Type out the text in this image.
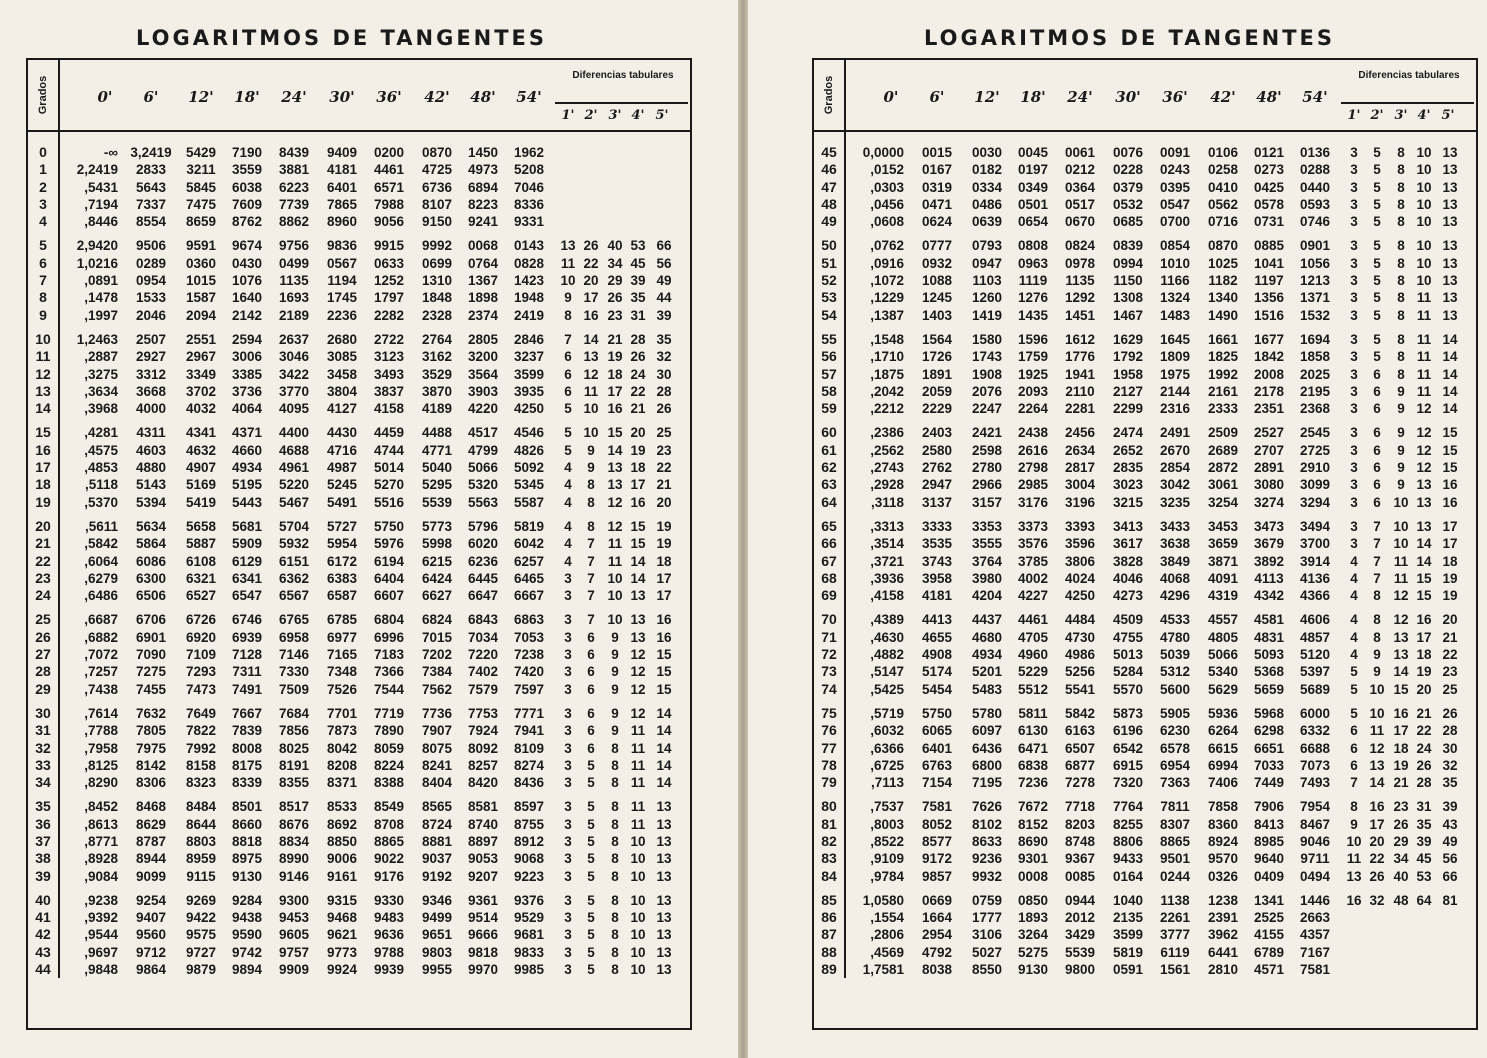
LOGARITMOS DE TANGENTES
Grados	0'	6'	12'	18'	24'	30'	36'	42'	48'	54'
Diferencias tabulares
1' 2' 3' 4' 5'
0	-∞ 3,2419	5429	7190	8439	9409	0200	0870	1450	1962
1	2,2419	2833	3211	3559	3881	4181	4461	4725	4973	5208
2	,5431	5643	5845	6038	6223	6401	6571	6736	6894	7046
3	,7194	7337	7475	7609	7739	7865	7988	8107	8223	8336
4	,8446	8554	8659	8762	8862	8960	9056	9150	9241	9331
5	2,9420	9506	9591	9674	9756	9836	9915	9992	0068	0143	13 26 40 53 66
6	1,0216	0289	0360	0430	0499	0567	0633	0699	0764	0828	11 22 34 45 56
7	,0891	0954	1015	1076	1135	1194	1252	1310	1367	1423	10 20 29 39 49
8	,1478	1533	1587	1640	1693	1745	1797	1848	1898	1948	9 17 26 35 44
9	,1997	2046	2094	2142	2189	2236	2282	2328	2374	2419	8 16 23 31 39
10	1,2463	2507	2551	2594	2637	2680	2722	2764	2805	2846	7 14 21 28 35
11	,2887	2927	2967	3006	3046	3085	3123	3162	3200	3237	6 13 19 26 32
12	,3275	3312	3349	3385	3422	3458	3493	3529	3564	3599	6 12 18 24 30
13	,3634	3668	3702	3736	3770	3804	3837	3870	3903	3935	6 11 17 22 28
14	,3968	4000	4032	4064	4095	4127	4158	4189	4220	4250	5 10 16 21 26
15	,4281	4311	4341	4371	4400	4430	4459	4488	4517	4546	5 10 15 20 25
16	,4575	4603	4632	4660	4688	4716	4744	4771	4799	4826	5	9 14 19 23
17	,4853	4880	4907	4934	4961	4987	5014	5040	5066	5092	4	9 13 18 22
18	,5118	5143	5169	5195	5220	5245	5270	5295	5320	5345	4	8 13 17 21
19	,5370	5394	5419	5443	5467	5491	5516	5539	5563	5587	4	8 12 16 20
20	,5611	5634	5658	5681	5704	5727	5750	5773	5796	5819	4	8 12 15 19
21	,5842	5864	5887	5909	5932	5954	5976	5998	6020	6042	4	7 11 15 19
22	,6064	6086	6108	6129	6151	6172	6194	6215	6236	6257	4	7 11 14 18
23	,6279	6300	6321	6341	6362	6383	6404	6424	6445	6465	3	7 10 14 17
24	,6486	6506	6527	6547	6567	6587	6607	6627	6647	6667	3	7 10 13 17
25	,6687	6706	6726	6746	6765	6785	6804	6824	6843	6863	3	7 10 13 16
26	,6882	6901	6920	6939	6958	6977	6996	7015	7034	7053	3	6	9 13 16
27	,7072	7090	7109	7128	7146	7165	7183	7202	7220	7238	3	6	9 12 15
28	,7257	7275	7293	7311	7330	7348	7366	7384	7402	7420	3	6	9 12 15
29	,7438	7455	7473	7491	7509	7526	7544	7562	7579	7597	3	6	9 12 15
30	,7614	7632	7649	7667	7684	7701	7719	7736	7753	7771	3	6	9 12 14
31	,7788	7805	7822	7839	7856	7873	7890	7907	7924	7941	3	6	9 11 14
32	,7958	7975	7992	8008	8025	8042	8059	8075	8092	8109	3	6	8 11 14
33	,8125	8142	8158	8175	8191	8208	8224	8241	8257	8274	3	5	8 11 14
34	,8290	8306	8323	8339	8355	8371	8388	8404	8420	8436	3	5	8 11 14
35	,8452	8468	8484	8501	8517	8533	8549	8565	8581	8597	3	5	8 11 13
36	,8613	8629	8644	8660	8676	8692	8708	8724	8740	8755	3	5	8 11 13
37	,8771	8787	8803	8818	8834	8850	8865	8881	8897	8912	3	5	8 10 13
38	,8928	8944	8959	8975	8990	9006	9022	9037	9053	9068	3	5	8 10 13
39	,9084	9099	9115	9130	9146	9161	9176	9192	9207	9223	3	5	8 10 13
40	,9238	9254	9269	9284	9300	9315	9330	9346	9361	9376	3	5	8 10 13
41	,9392	9407	9422	9438	9453	9468	9483	9499	9514	9529	3	5	8 10 13
42	,9544	9560	9575	9590	9605	9621	9636	9651	9666	9681	3	5	8 10 13
43	,9697	9712	9727	9742	9757	9773	9788	9803	9818	9833	3	5	8 10 13
44	,9848	9864	9879	9894	9909	9924	9939	9955	9970	9985	3	5	8 10 13
LOGARITMOS DE TANGENTES
Grados	0'	6'	12'	18'	24'	30'	36'	42'	48'	54'
Diferencias tabulares
1' 2' 3' 4' 5'
45	0,0000	0015	0030	0045	0061	0076	0091	0106	0121	0136	3	5	8 10 13
46	,0152	0167	0182	0197	0212	0228	0243	0258	0273	0288	3	5	8 10 13
47	,0303	0319	0334	0349	0364	0379	0395	0410	0425	0440	3	5	8 10 13
48	,0456	0471	0486	0501	0517	0532	0547	0562	0578	0593	3	5	8 10 13
49	,0608	0624	0639	0654	0670	0685	0700	0716	0731	0746	3	5	8 10 13
50	,0762	0777	0793	0808	0824	0839	0854	0870	0885	0901	3	5	8 10 13
51	,0916	0932	0947	0963	0978	0994	1010	1025	1041	1056	3	5	8 10 13
52	,1072	1088	1103	1119	1135	1150	1166	1182	1197	1213	3	5	8 10 13
53	,1229	1245	1260	1276	1292	1308	1324	1340	1356	1371	3	5	8 11 13
54	,1387	1403	1419	1435	1451	1467	1483	1490	1516	1532	3	5	8 11 13
55	,1548	1564	1580	1596	1612	1629	1645	1661	1677	1694	3	5	8 11 14
56	,1710	1726	1743	1759	1776	1792	1809	1825	1842	1858	3	5	8 11 14
57	,1875	1891	1908	1925	1941	1958	1975	1992	2008	2025	3	6	8 11 14
58	,2042	2059	2076	2093	2110	2127	2144	2161	2178	2195	3	6	9 11 14
59	,2212	2229	2247	2264	2281	2299	2316	2333	2351	2368	3	6	9 12 14
60	,2386	2403	2421	2438	2456	2474	2491	2509	2527	2545	3	6	9 12 15
61	,2562	2580	2598	2616	2634	2652	2670	2689	2707	2725	3	6	9 12 15
62	,2743	2762	2780	2798	2817	2835	2854	2872	2891	2910	3	6	9 12 15
63	,2928	2947	2966	2985	3004	3023	3042	3061	3080	3099	3	6	9 13 16
64	,3118	3137	3157	3176	3196	3215	3235	3254	3274	3294	3	6 10 13 16
65	,3313	3333	3353	3373	3393	3413	3433	3453	3473	3494	3	7 10 13 17
66	,3514	3535	3555	3576	3596	3617	3638	3659	3679	3700	3	7 10 14 17
67	,3721	3743	3764	3785	3806	3828	3849	3871	3892	3914	4	7 11 14 18
68	,3936	3958	3980	4002	4024	4046	4068	4091	4113	4136	4	7 11 15 19
69	,4158	4181	4204	4227	4250	4273	4296	4319	4342	4366	4	8 12 15 19
70	,4389	4413	4437	4461	4484	4509	4533	4557	4581	4606	4	8 12 16 20
71	,4630	4655	4680	4705	4730	4755	4780	4805	4831	4857	4	8 13 17 21
72	,4882	4908	4934	4960	4986	5013	5039	5066	5093	5120	4	9 13 18 22
73	,5147	5174	5201	5229	5256	5284	5312	5340	5368	5397	5	9 14 19 23
74	,5425	5454	5483	5512	5541	5570	5600	5629	5659	5689	5 10 15 20 25
75	,5719	5750	5780	5811	5842	5873	5905	5936	5968	6000	5 10 16 21 26
76	,6032	6065	6097	6130	6163	6196	6230	6264	6298	6332	6 11 17 22 28
77	,6366	6401	6436	6471	6507	6542	6578	6615	6651	6688	6 12 18 24 30
78	,6725	6763	6800	6838	6877	6915	6954	6994	7033	7073	6 13 19 26 32
79	,7113	7154	7195	7236	7278	7320	7363	7406	7449	7493	7 14 21 28 35
80	,7537	7581	7626	7672	7718	7764	7811	7858	7906	7954	8 16 23 31 39
81	,8003	8052	8102	8152	8203	8255	8307	8360	8413	8467	9 17 26 35 43
82	,8522	8577	8633	8690	8748	8806	8865	8924	8985	9046	10 20 29 39 49
83	,9109	9172	9236	9301	9367	9433	9501	9570	9640	9711	11 22 34 45 56
84	,9784	9857	9932	0008	0085	0164	0244	0326	0409	0494	13 26 40 53 66
85	1,0580	0669	0759	0850	0944	1040	1138	1238	1341	1446	16 32 48 64 81
86	,1554	1664	1777	1893	2012	2135	2261	2391	2525	2663
87	,2806	2954	3106	3264	3429	3599	3777	3962	4155	4357
88	,4569	4792	5027	5275	5539	5819	6119	6441	6789	7167
89	1,7581	8038	8550	9130	9800	0591	1561	2810	4571	7581
